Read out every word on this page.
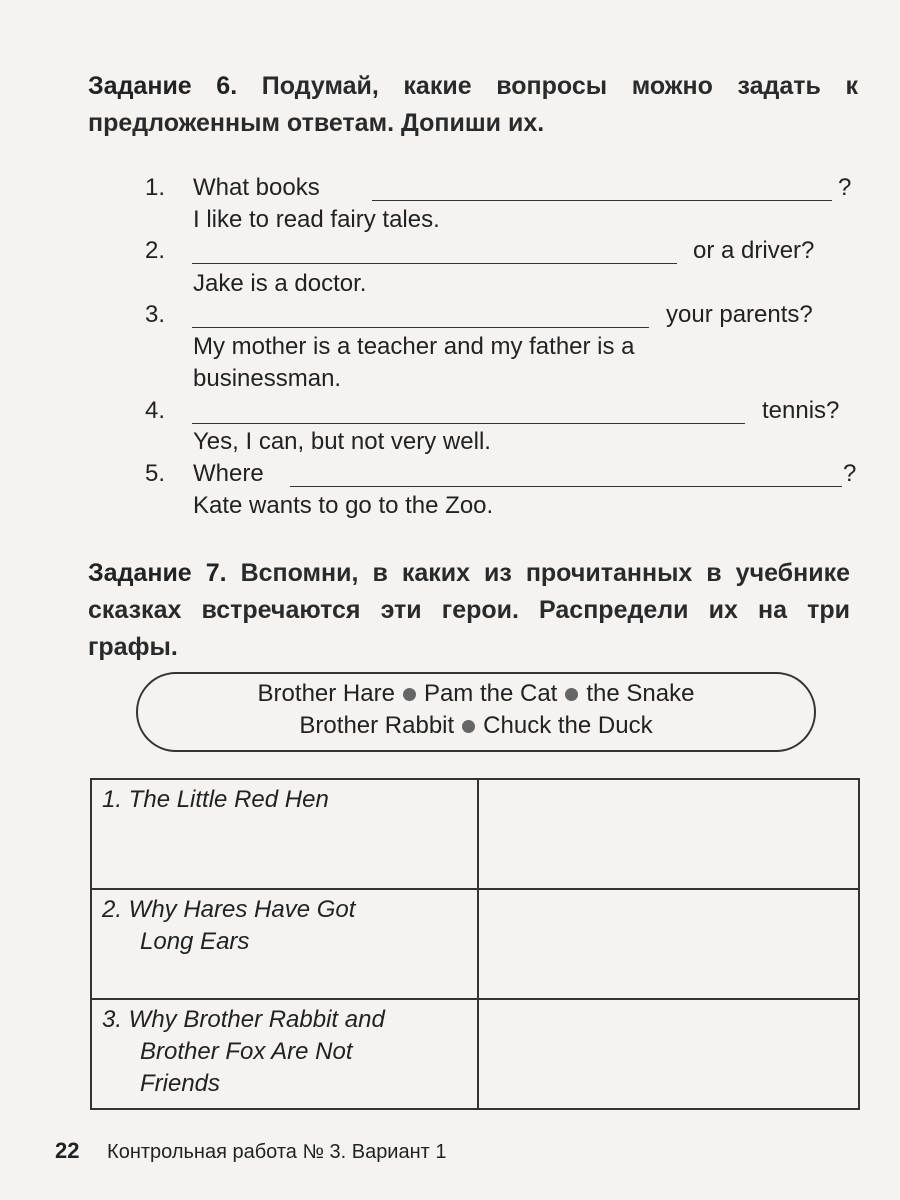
Задание 6. Подумай, какие вопросы можно задать к предложенным ответам. Допиши их.
1. What books	?
I like to read fairy tales.
2.	or a driver?
Jake is a doctor.
3.	your parents?
My mother is a teacher and my father is a
businessman.
4.	tennis?
Yes, I can, but not very well.
5. Where	?
Kate wants to go to the Zoo.
Задание 7. Вспомни, в каких из прочитанных в учебнике сказках встречаются эти герои. Распредели их на три графы.
Brother Hare Pam the Cat the Snake
Brother Rabbit Chuck the Duck
1. The Little Red Hen	

2. Why Hares Have Got
Long Ears	

3. Why Brother Rabbit and
Brother Fox Are Not
Friends	

22 Контрольная работа № 3. Вариант 1
